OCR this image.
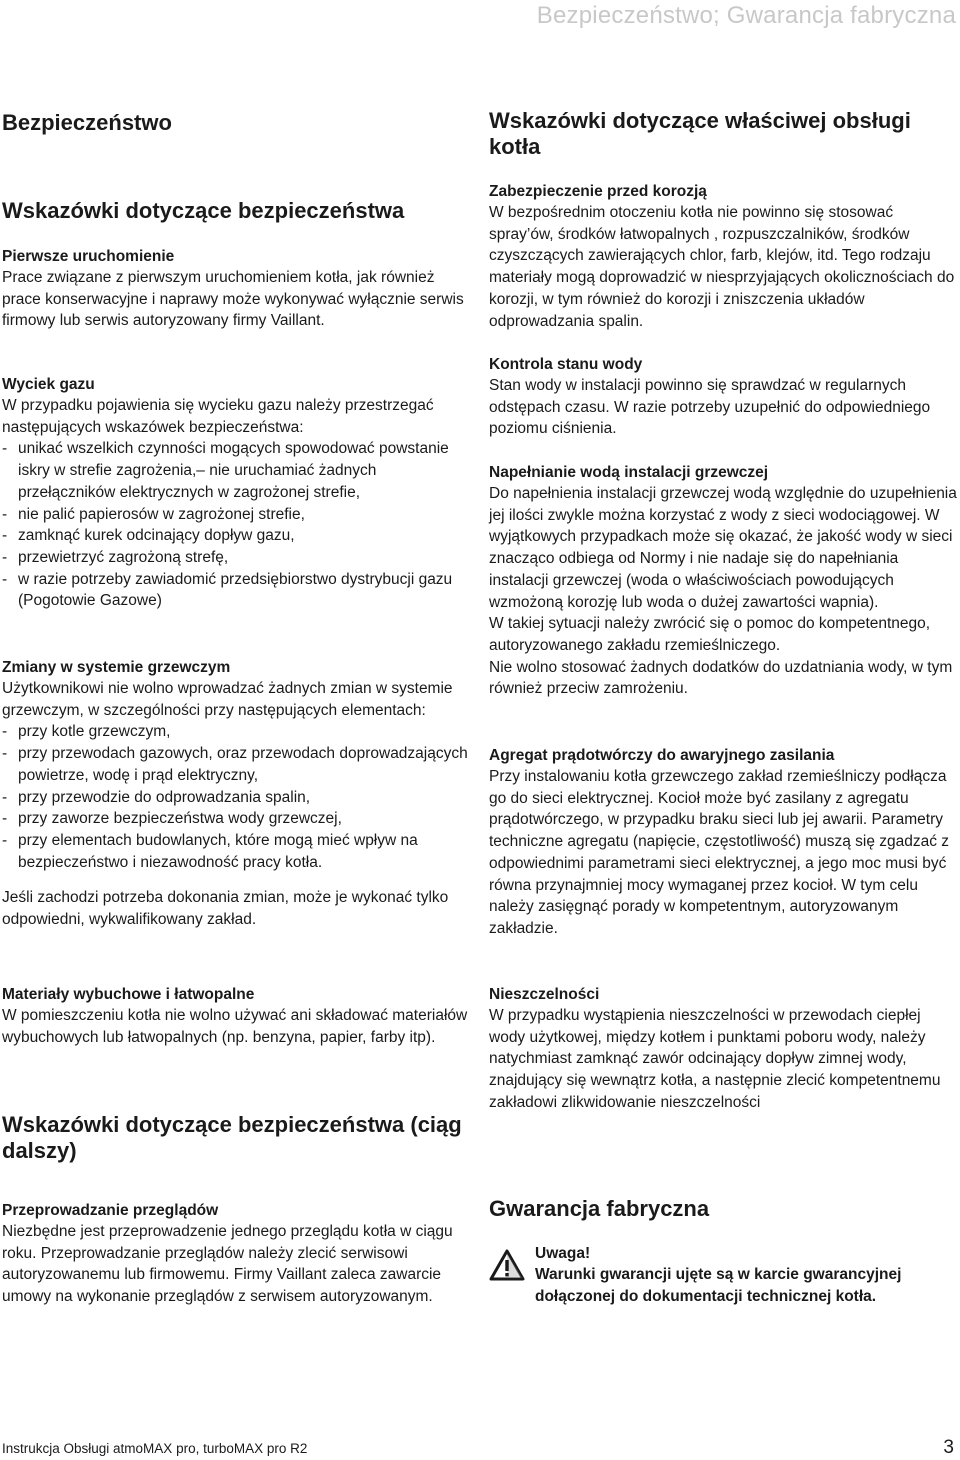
Bezpieczeństwo; Gwarancja fabryczna
Bezpieczeństwo
Wskazówki dotyczące bezpieczeństwa
Pierwsze uruchomienie

Prace związane z pierwszym uruchomieniem kotła, jak również prace konserwacyjne i naprawy może wykonywać wyłącznie serwis firmowy lub serwis autoryzowany firmy Vaillant.

Wyciek gazu

W przypadku pojawienia się wycieku gazu należy przestrzegać następujących wskazówek bezpieczeństwa:

- unikać wszelkich czynności mogących spowodować powstanie iskry w strefie zagrożenia,– nie uruchamiać żadnych przełączników elektrycznych w zagrożonej strefie,
- nie palić papierosów w zagrożonej strefie,
- zamknąć kurek odcinający dopływ gazu,
- przewietrzyć zagrożoną strefę,
- w razie potrzeby zawiadomić przedsiębiorstwo dystrybucji gazu (Pogotowie Gazowe)
Zmiany w systemie grzewczym

Użytkownikowi nie wolno wprowadzać żadnych zmian w systemie grzewczym, w szczególności przy następujących elementach:

- przy kotle grzewczym,
- przy przewodach gazowych, oraz przewodach doprowadzających powietrze, wodę i prąd elektryczny,
- przy przewodzie do odprowadzania spalin,
- przy zaworze bezpieczeństwa wody grzewczej,
- przy elementach budowlanych, które mogą mieć wpływ na bezpieczeństwo i niezawodność pracy kotła.

Jeśli zachodzi potrzeba dokonania zmian, może je wykonać tylko odpowiedni, wykwalifikowany zakład.

Materiały wybuchowe i łatwopalne

W pomieszczeniu kotła nie wolno używać ani składować materiałów wybuchowych lub łatwopalnych (np. benzyna, papier, farby itp).

Wskazówki dotyczące bezpieczeństwa (ciąg dalszy)
Przeprowadzanie przeglądów

Niezbędne jest przeprowadzenie jednego przeglądu kotła w ciągu roku. Przeprowadzanie przeglądów należy zlecić serwisowi autoryzowanemu lub firmowemu. Firmy Vaillant zaleca zawarcie umowy na wykonanie przeglądów z serwisem autoryzowanym.

Wskazówki dotyczące właściwej obsługi kotła
Zabezpieczenie przed korozją

W bezpośrednim otoczeniu kotła nie powinno się stosować spray’ów, środków łatwopalnych , rozpuszczalników, środków czyszczących zawierających chlor, farb, klejów, itd. Tego rodzaju materiały mogą doprowadzić w niesprzyjających okolicznościach do korozji, w tym również do korozji i zniszczenia układów odprowadzania spalin.

Kontrola stanu wody

Stan wody w instalacji powinno się sprawdzać w regularnych odstępach czasu. W razie potrzeby uzupełnić do odpowiedniego poziomu ciśnienia.

Napełnianie wodą instalacji grzewczej

Do napełnienia instalacji grzewczej wodą względnie do uzupełnienia jej ilości zwykle można korzystać z wody z sieci wodociągowej. W wyjątkowych przypadkach może się okazać, że jakość wody w sieci znacząco odbiega od Normy i nie nadaje się do napełniania instalacji grzewczej (woda o właściwościach powodujących wzmożoną korozję lub woda o dużej zawartości wapnia).

W takiej sytuacji należy zwrócić się o pomoc do kompetentnego, autoryzowanego zakładu rzemieślniczego.

Nie wolno stosować żadnych dodatków do uzdatniania wody, w tym również przeciw zamrożeniu.

Agregat prądotwórczy do awaryjnego zasilania

Przy instalowaniu kotła grzewczego zakład rzemieślniczy podłącza go do sieci elektrycznej. Kocioł może być zasilany z agregatu prądotwórczego, w przypadku braku sieci lub jej awarii. Parametry techniczne agregatu (napięcie, częstotliwość) muszą się zgadzać z odpowiednimi parametrami sieci elektrycznej, a jego moc musi być równa przynajmniej mocy wymaganej przez kocioł. W tym celu należy zasięgnąć porady w kompetentnym, autoryzowanym zakładzie.

Nieszczelności

W przypadku wystąpienia nieszczelności w przewodach ciepłej wody użytkowej, między kotłem i punktami poboru wody, należy natychmiast zamknąć zawór odcinający dopływ zimnej wody, znajdujący się wewnątrz kotła, a następnie zlecić kompetentnemu zakładowi zlikwidowanie nieszczelności

Gwarancja fabryczna
Uwaga!
Warunki gwarancji ujęte są w karcie gwarancyjnej dołączonej do dokumentacji technicznej kotła.
Instrukcja Obsługi atmoMAX pro, turboMAX pro R2	3
